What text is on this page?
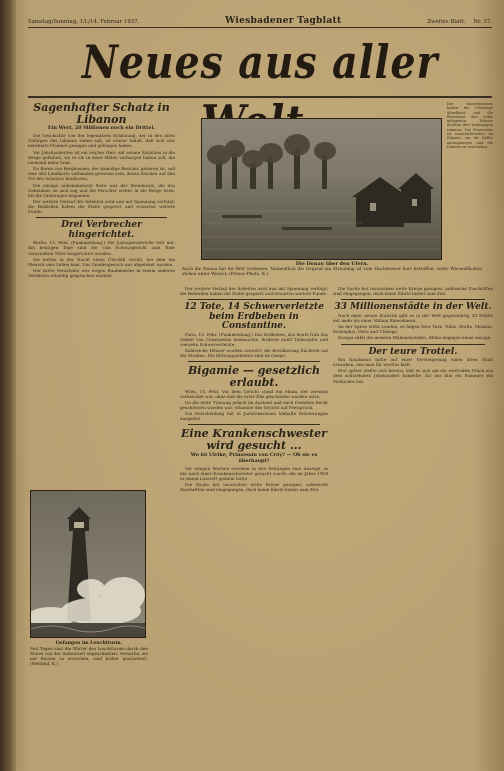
Samstag/Sonntag, 13./14. Februar 1937.	Wiesbadener Tagblatt	Zweites Blatt. Nr. 37.
Neues aus aller
Sagenhafter Schatz in Libanon
Ein Wert, 20 Millionen noch ein Drittel.

Die Geschichte von der legendären Schätzung, der in den alten Gebirgen des Libanon ruhen soll, ist erneut Anlaß, daß sich vier berühmte Pioniere gezogen und gefangen haben.

Vor Jahrhunderten ist ein reicher Herr mit seinen Schätzen in die Berge geflohen, wo er sie in einer Höhle verborgen haben soll, die niemand mehr fand.

Da Baron von Berghausen, der damalige Besitzer, geboren ist, soll eine alte Landkarte vorhanden gewesen sein, deren Zeichen auf den Ort des Schatzes hindeuten.

Die einzige unbekannteste Seite war der Steinbruch, die das Geheimnis an sich zog und die Forscher weiter in die Berge trieb, bis die Grabungen begannen.

Der weitere Verlauf der Arbeiten wird nun mit Spannung verfolgt; die Behörden haben die Stelle gesperrt und erwarten weitere Funde.

Drei Verbrecher hingerichtet.

Berlin, 13. Febr. (Funkmeldung.) Die Justizpressestelle teilt mit: Am heutigen Tage sind die vom Schwurgericht zum Tode verurteilten Täter hingerichtet worden.

Sie hatten in der Nacht einen Überfall verübt, bei dem ein Mensch ums Leben kam. Das Gnadengesuch war abgelehnt worden.

Der dritte Verurteilte war wegen Raubmordes in einem anderen Verfahren schuldig gesprochen worden.

Die Wassermassen haben die Uferwege überflutet, und die Bewohner der tiefer gelegenen Häuser mußten ihre Wohnungen räumen. Die Feuerwehr ist ununterbrochen im Einsatz, um die Keller auszupumpen und die Dämme zu verstärken.
Die Donau über den Ufern.

Auch die Donau hat ihr Bett verlassen. Namentlich die Gegend um Straubing ist vom Hochwasser hart betroffen; weite Wiesenflächen stehen unter Wasser. (Presse-Photo, K.)

Der weitere Verlauf der Arbeiten wird nun mit Spannung verfolgt; die Behörden haben die Stelle gesperrt und erwarten weitere Funde.

12 Tote, 14 Schwerverletzte beim Erdbeben in Constantine.

Paris, 13. Febr. (Funkmeldung.) Das Erdbeben, das heute früh das Gebiet von Constantine heimsuchte, forderte zwölf Todesopfer und vierzehn Schwerverletzte.

Zahlreiche Häuser wurden zerstört; die Bevölkerung flüchtete auf die Straßen. Die Rettungsarbeiten sind im Gange.

Bigamie — gesetzlich erlaubt.

Wien, 13. Febr. Vor dem Gericht stand ein Mann, der zweimal verheiratet war, ohne daß die erste Ehe geschieden worden wäre.

Da die erste Trauung jedoch im Ausland und nach fremdem Recht geschlossen worden war, erkannte das Gericht auf Freispruch.

Die Entscheidung hat in Juristenkreisen lebhafte Erörterungen ausgelöst.

Eine Krankenschwester wird gesucht ...
Wo ist Ulrike, Prinzessin von Cröy? — Ob sie es überhaupt?

Vor einigen Wochen erschien in den Zeitungen eine Anzeige, in der nach einer Krankenschwester gesucht wurde, die im Jahre 1918 in einem Lazarett gedient hatte.

Die Suche hat inzwischen weite Kreise gezogen; zahlreiche Zuschriften sind eingegangen, doch keine führte bisher zum Ziel.

Die Suche hat inzwischen weite Kreise gezogen; zahlreiche Zuschriften sind eingegangen, doch keine führte bisher zum Ziel.

33 Millionenstädte in der Welt.

Nach einer neuen Statistik gibt es in der Welt gegenwärtig 33 Städte mit mehr als einer Million Einwohnern.

An der Spitze steht London, es folgen New York, Tokio, Berlin, Moskau, Schanghai, Paris und Chikago.

Europa zählt die meisten Millionenstädte, Afrika dagegen keine einzige.

Der teure Trottel.

Ein Kaufmann hatte auf einer Versteigerung einen alten Stuhl erworben, den man für wertlos hielt.

Erst später stellte sich heraus, daß es sich um ein wertvolles Stück aus dem achtzehnten Jahrhundert handelte, für das ihm ein Sammler ein Vielfaches bot.

Gefangen im Leuchtturm.

Seit Tagen sind die Wärter des Leuchtturms durch den Sturm von der Außenwelt abgeschnitten. Versuche, sie mit Booten zu erreichen, sind bisher gescheitert. (Weltbild, K.)
